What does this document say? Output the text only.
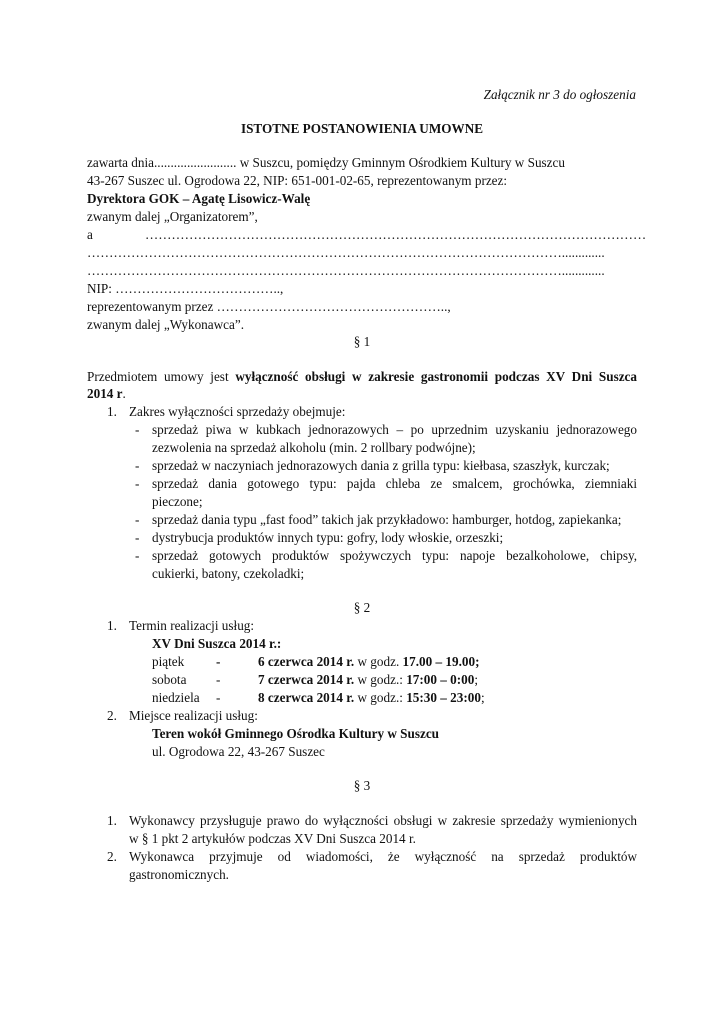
Załącznik nr 3 do ogłoszenia
ISTOTNE POSTANOWIENIA UMOWNE
zawarta dnia......................... w Suszcu, pomiędzy Gminnym Ośrodkiem Kultury w Suszcu
43-267 Suszec ul. Ogrodowa 22, NIP: 651-001-02-65, reprezentowanym przez:
Dyrektora GOK – Agatę Lisowicz-Walę
zwanym dalej „Organizatorem”,
a	……………………………………………………………………………………………………
……………………………………………………………………………………………….............
……………………………………………………………………………………………….............
NIP: ………………………………..,
reprezentowanym przez ……………………………………………..,
zwanym dalej „Wykonawca”.
§ 1
Przedmiotem umowy jest wyłączność obsługi w zakresie gastronomii podczas XV Dni Suszca
2014 r.
1. Zakres wyłączności sprzedaży obejmuje:
- sprzedaż piwa w kubkach jednorazowych – po uprzednim uzyskaniu jednorazowego
zezwolenia na sprzedaż alkoholu (min. 2 rollbary podwójne);
- sprzedaż w naczyniach jednorazowych dania z grilla typu: kiełbasa, szaszłyk, kurczak;
- sprzedaż dania gotowego typu: pajda chleba ze smalcem, grochówka, ziemniaki
pieczone;
- sprzedaż dania typu „fast food” takich jak przykładowo: hamburger, hotdog, zapiekanka;
- dystrybucja produktów innych typu: gofry, lody włoskie, orzeszki;
- sprzedaż gotowych produktów spożywczych typu: napoje bezalkoholowe, chipsy,
cukierki, batony, czekoladki;
§ 2
1. Termin realizacji usług:
XV Dni Suszca 2014 r.:
piątek -	6 czerwca 2014 r. w godz. 17.00 – 19.00;
sobota -	7 czerwca 2014 r. w godz.: 17:00 – 0:00;
niedziela -	8 czerwca 2014 r. w godz.: 15:30 – 23:00;
2. Miejsce realizacji usług:
Teren wokół Gminnego Ośrodka Kultury w Suszcu
ul. Ogrodowa 22, 43-267 Suszec
§ 3
1. Wykonawcy przysługuje prawo do wyłączności obsługi w zakresie sprzedaży wymienionych
w § 1 pkt 2 artykułów podczas XV Dni Suszca 2014 r.
2. Wykonawca przyjmuje od wiadomości, że wyłączność na sprzedaż produktów
gastronomicznych.
